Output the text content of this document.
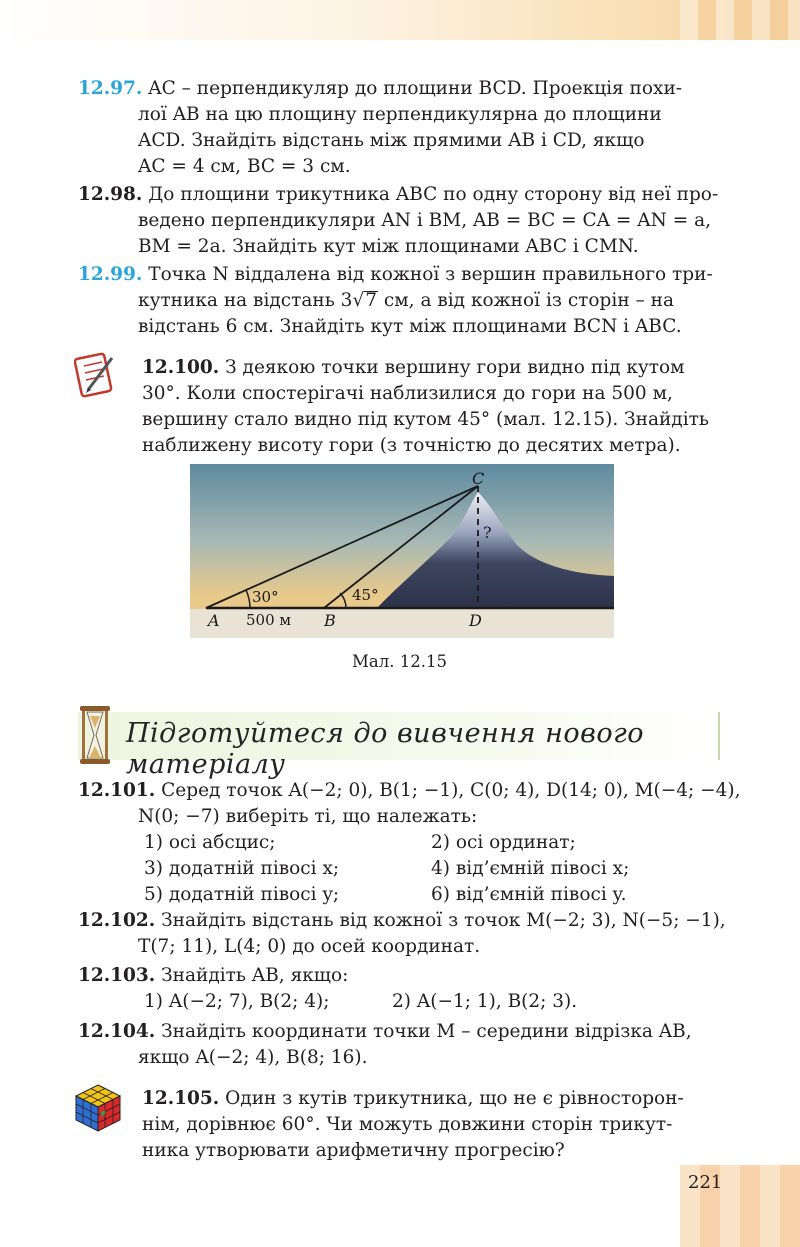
12.97. AC – перпендикуляр до площини BCD. Проекція похи-
лої AB на цю площину перпендикулярна до площини
ACD. Знайдіть відстань між прямими AB і CD, якщо
AC = 4 см, BC = 3 см.
12.98. До площини трикутника ABC по одну сторону від неї про-
ведено перпендикуляри AN і BM, AB = BC = CA = AN = a,
BM = 2a. Знайдіть кут між площинами ABC і CMN.
12.99. Точка N віддалена від кожної з вершин правильного три-
кутника на відстань 3√7 см, а від кожної із сторін – на
відстань 6 см. Знайдіть кут між площинами BCN і ABC.
12.100. З деякою точки вершину гори видно під кутом
30°. Коли спостерігачі наблизилися до гори на 500 м,
вершину стало видно під кутом 45° (мал. 12.15). Знайдіть
наближену висоту гори (з точністю до десятих метра).
A	B
C
D
?
30°	45°
500 м
Мал. 12.15
Підготуйтеся до вивчення нового матеріалу
12.101. Серед точок A(−2; 0), B(1; −1), C(0; 4), D(14; 0), M(−4; −4),
N(0; −7) виберіть ті, що належать:
1) осі абсцис;	2) осі ординат;
3) додатній півосі x;	4) від’ємній півосі x;
5) додатній півосі y;	6) від’ємній півосі y.
12.102. Знайдіть відстань від кожної з точок M(−2; 3), N(−5; −1),
T(7; 11), L(4; 0) до осей координат.
12.103. Знайдіть AB, якщо:
1) A(−2; 7), B(2; 4);	2) A(−1; 1), B(2; 3).
12.104. Знайдіть координати точки M – середини відрізка AB,
якщо A(−2; 4), B(8; 16).
12.105. Один з кутів трикутника, що не є рівносторон-
нім, дорівнює 60°. Чи можуть довжини сторін трикут-
ника утворювати арифметичну прогресію?
221
